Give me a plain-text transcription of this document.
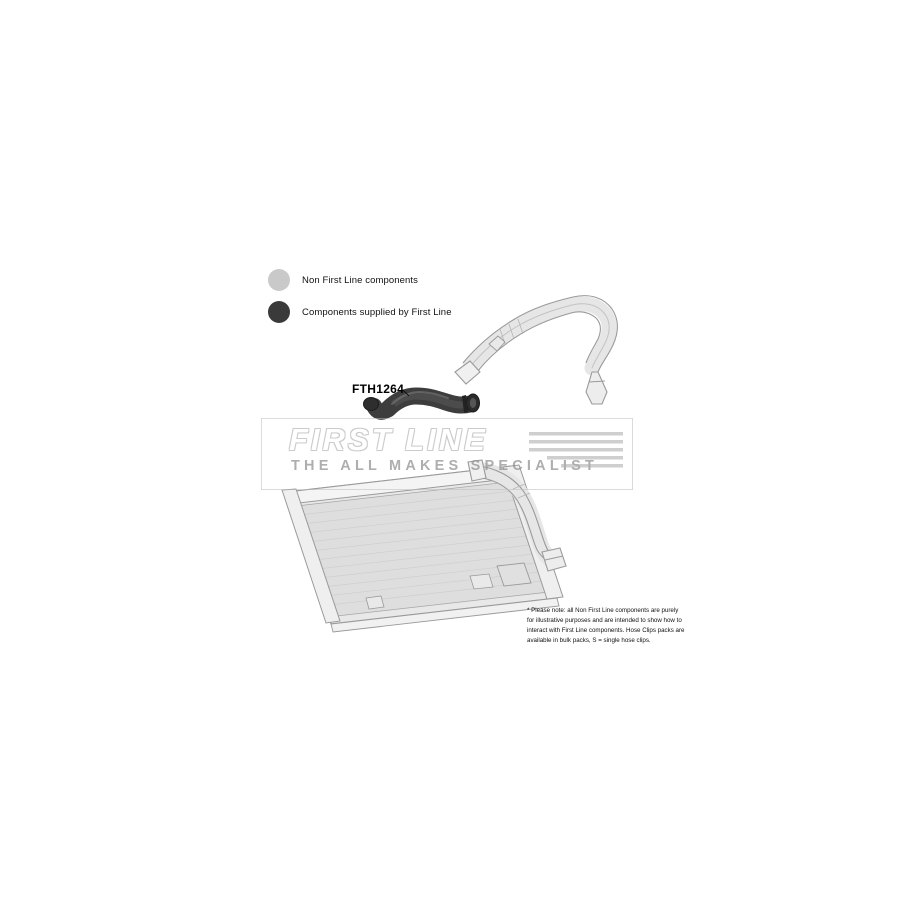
FIRST LINE
THE ALL MAKES SPECIALIST
Non First Line components
Components supplied by First Line
FTH1264
* Please note: all Non First Line components are purely for illustrative purposes and are intended to show how to interact with First Line components. Hose Clips packs are available in bulk packs, S = single hose clips.
